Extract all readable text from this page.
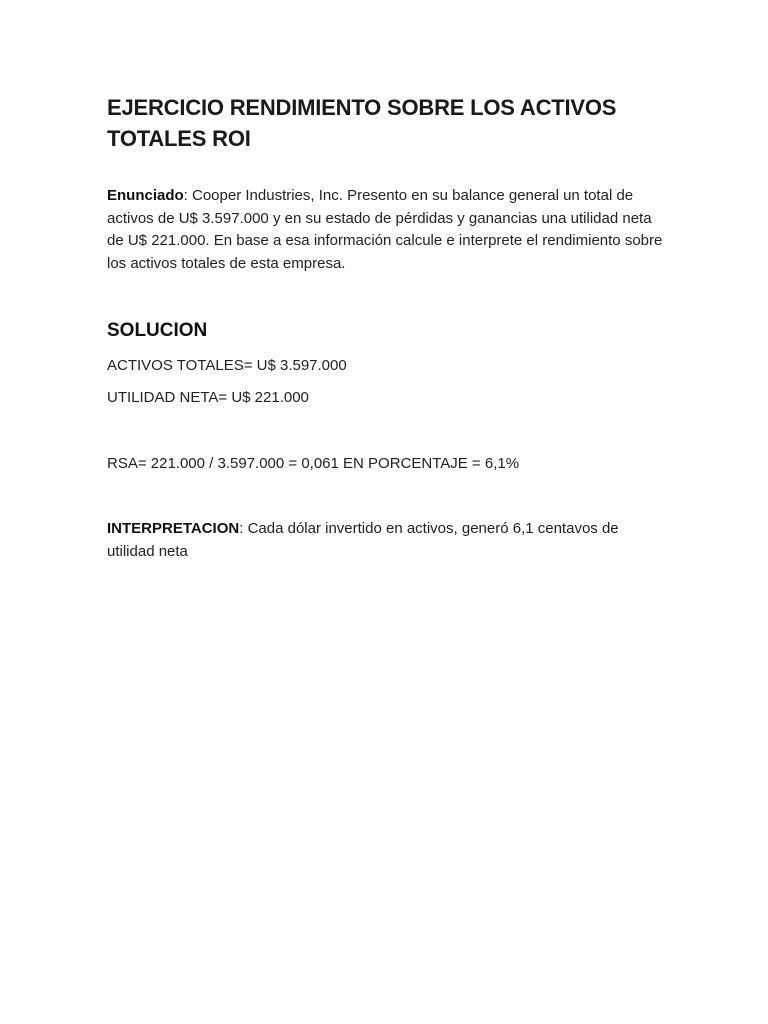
EJERCICIO RENDIMIENTO SOBRE LOS ACTIVOS TOTALES ROI

Enunciado: Cooper Industries, Inc. Presento en su balance general un total de activos de U$ 3.597.000 y en su estado de pérdidas y ganancias una utilidad neta de U$ 221.000. En base a esa información calcule e interprete el rendimiento sobre los activos totales de esta empresa.

SOLUCION
ACTIVOS TOTALES= U$ 3.597.000
UTILIDAD NETA= U$ 221.000
RSA= 221.000 / 3.597.000 = 0,061 EN PORCENTAJE = 6,1%

INTERPRETACION: Cada dólar invertido en activos, generó 6,1 centavos de utilidad neta
